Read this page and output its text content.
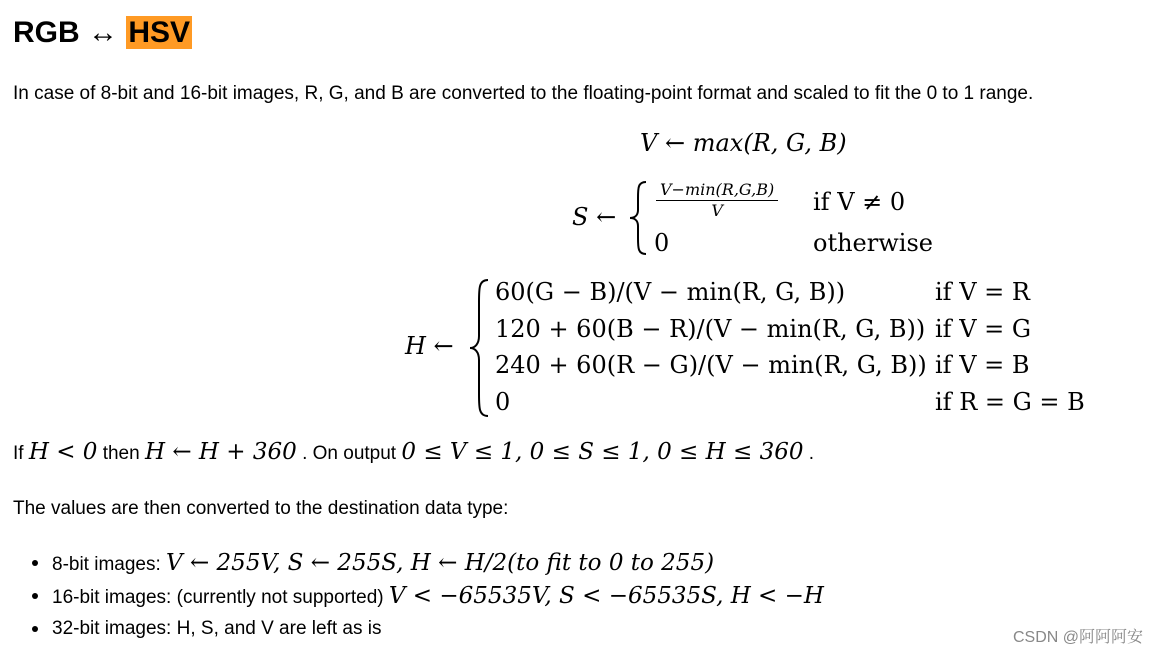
RGB ↔ HSV
In case of 8-bit and 16-bit images, R, G, and B are converted to the floating-point format and scaled to fit the 0 to 1 range.
V ← max(R, G, B)
S ← $\frac{V-\min(R,G,B)}{V}$ if V ≠ 0
0	otherwise
H ←
60(G − B)/(V − min(R, G, B))	if V = R
120 + 60(B − R)/(V − min(R, G, B)) if V = G
240 + 60(R − G)/(V − min(R, G, B)) if V = B
0	if R = G = B
If H < 0 then H ← H + 360 . On output 0 ≤ V ≤ 1, 0 ≤ S ≤ 1, 0 ≤ H ≤ 360 .
The values are then converted to the destination data type:
8-bit images: V ← 255V, S ← 255S, H ← H/2(to fit to 0 to 255)
16-bit images: (currently not supported) V < −65535V, S < −65535S, H < −H
32-bit images: H, S, and V are left as is	CSDN @阿阿阿安
